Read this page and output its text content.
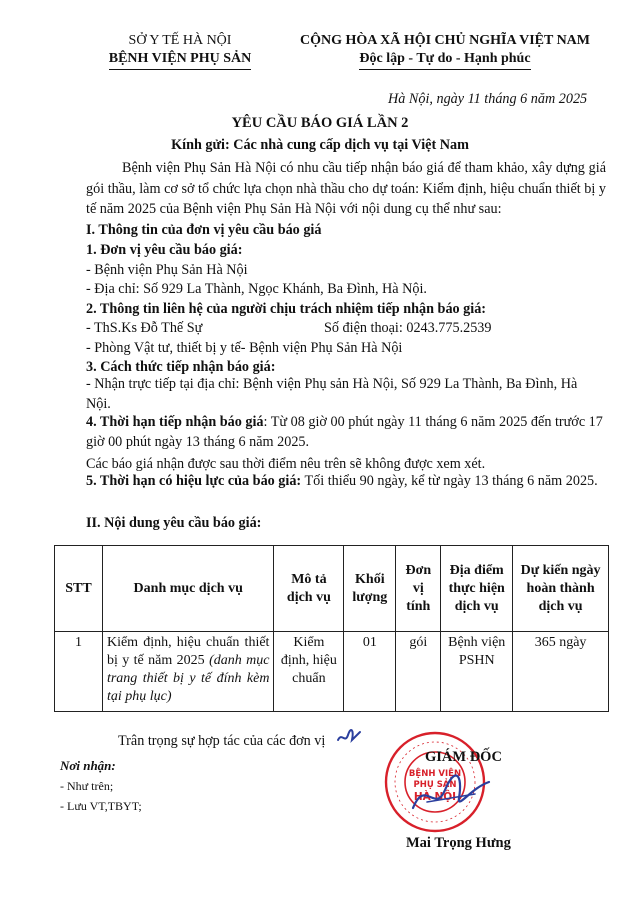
SỞ Y TẾ HÀ NỘI
BỆNH VIỆN PHỤ SẢN
CỘNG HÒA XÃ HỘI CHỦ NGHĨA VIỆT NAM
Độc lập - Tự do - Hạnh phúc
Hà Nội, ngày 11 tháng 6 năm 2025
YÊU CẦU BÁO GIÁ LẦN 2
Kính gửi: Các nhà cung cấp dịch vụ tại Việt Nam
Bệnh viện Phụ Sản Hà Nội có nhu cầu tiếp nhận báo giá để tham khảo, xây dựng giá gói thầu, làm cơ sở tổ chức lựa chọn nhà thầu cho dự toán: Kiểm định, hiệu chuẩn thiết bị y tế năm 2025 của Bệnh viện Phụ Sản Hà Nội với nội dung cụ thể như sau:
I. Thông tin của đơn vị yêu cầu báo giá
1. Đơn vị yêu cầu báo giá:
- Bệnh viện Phụ Sản Hà Nội
- Địa chỉ: Số 929 La Thành, Ngọc Khánh, Ba Đình, Hà Nội.
2. Thông tin liên hệ của người chịu trách nhiệm tiếp nhận báo giá:
- ThS.Ks Đỗ Thế Sự	Số điện thoại: 0243.775.2539
- Phòng Vật tư, thiết bị y tế- Bệnh viện Phụ Sản Hà Nội
3. Cách thức tiếp nhận báo giá:
- Nhận trực tiếp tại địa chỉ: Bệnh viện Phụ sản Hà Nội, Số 929 La Thành, Ba Đình, Hà Nội.
4. Thời hạn tiếp nhận báo giá: Từ 08 giờ 00 phút ngày 11 tháng 6 năm 2025 đến trước 17 giờ 00 phút ngày 13 tháng 6 năm 2025.
Các báo giá nhận được sau thời điểm nêu trên sẽ không được xem xét.
5. Thời hạn có hiệu lực của báo giá: Tối thiểu 90 ngày, kể từ ngày 13 tháng 6 năm 2025.
II. Nội dung yêu cầu báo giá:
STT	Danh mục dịch vụ	Mô tả dịch vụ	Khối lượng	Đơn vị tính	Địa điểm thực hiện dịch vụ	Dự kiến ngày hoàn thành dịch vụ
1	Kiểm định, hiệu chuẩn thiết bị y tế năm 2025 (danh mục trang thiết bị y tế đính kèm tại phụ lục)	Kiểm định, hiệu chuẩn	01	gói	Bệnh viện PSHN	365 ngày
Trân trọng sự hợp tác của các đơn vị
Nơi nhận:
- Như trên;
- Lưu VT,TBYT;
BỆNH VIỆN
PHỤ SẢN
HÀ NỘI
GIÁM ĐỐC
Mai Trọng Hưng
